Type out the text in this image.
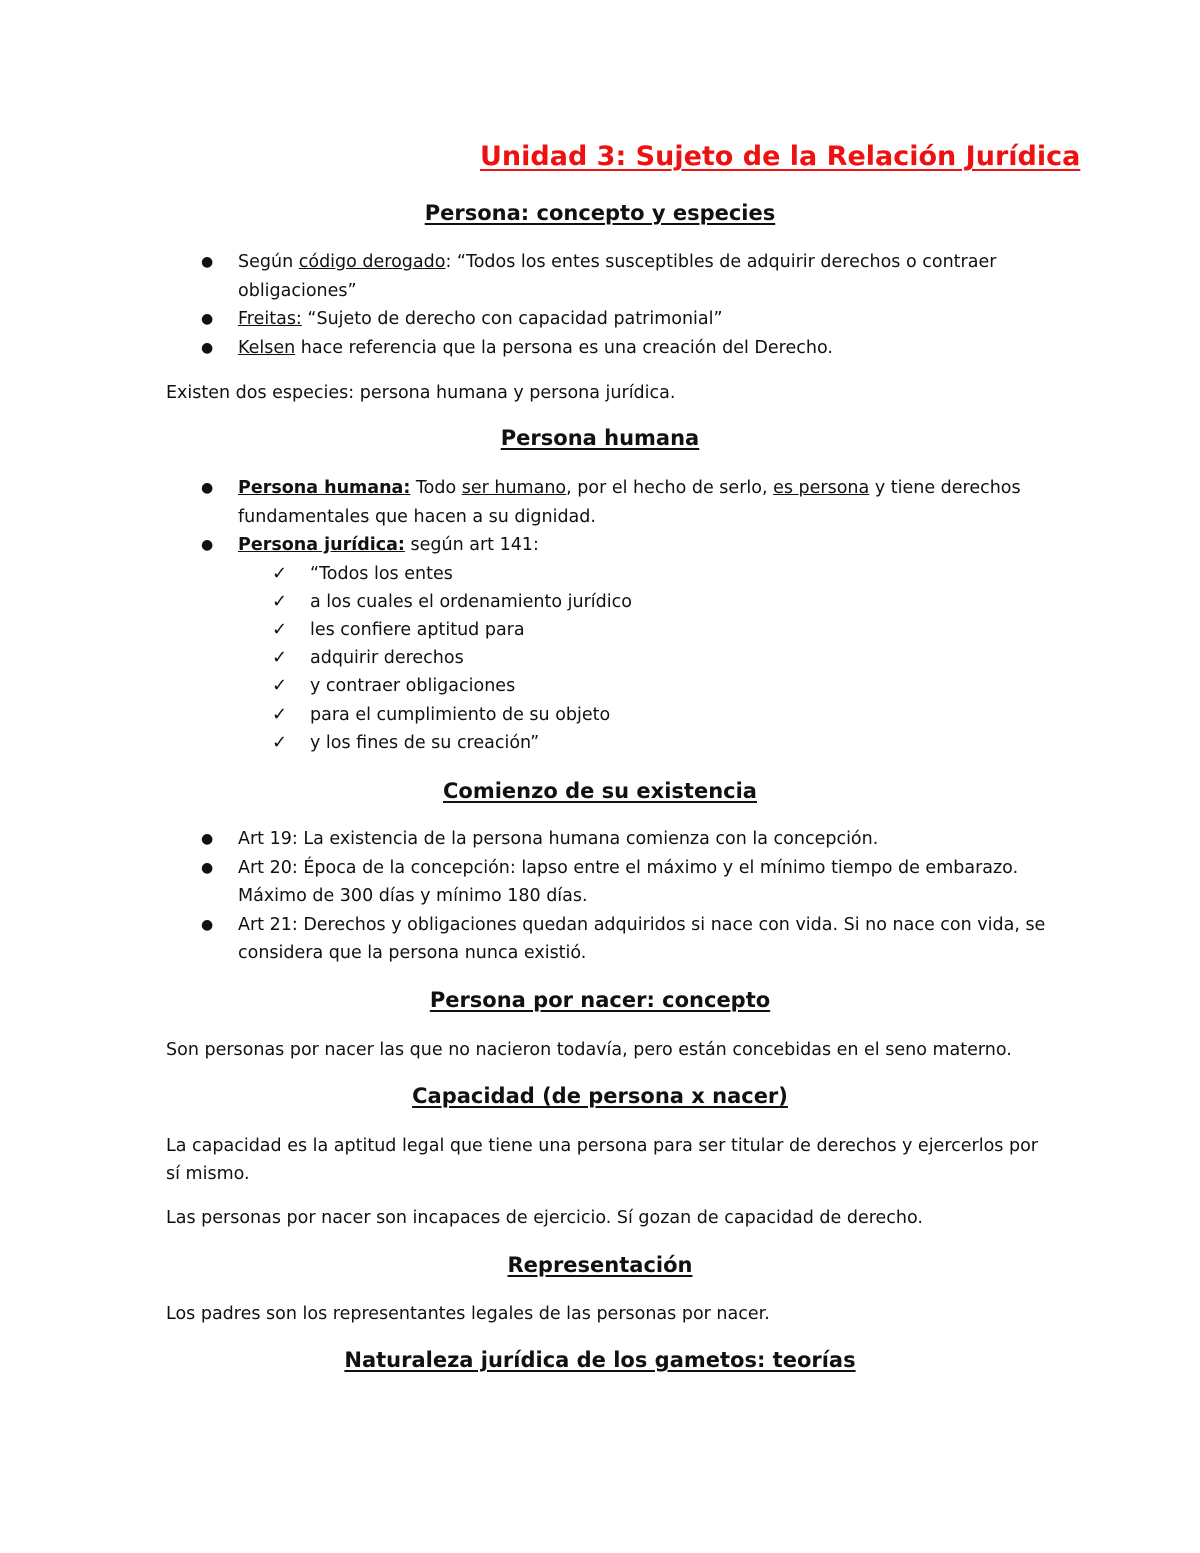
Unidad 3: Sujeto de la Relación Jurídica
Persona: concepto y especies
● Según código derogado: “Todos los entes susceptibles de adquirir derechos o contraer obligaciones”
● Freitas: “Sujeto de derecho con capacidad patrimonial”
● Kelsen hace referencia que la persona es una creación del Derecho.
Existen dos especies: persona humana y persona jurídica.
Persona humana
● Persona humana: Todo ser humano, por el hecho de serlo, es persona y tiene derechos fundamentales que hacen a su dignidad.
● Persona jurídica: según art 141:
✓ “Todos los entes
✓ a los cuales el ordenamiento jurídico
✓ les confiere aptitud para
✓ adquirir derechos
✓ y contraer obligaciones
✓ para el cumplimiento de su objeto
✓ y los fines de su creación”
Comienzo de su existencia
● Art 19: La existencia de la persona humana comienza con la concepción.
● Art 20: Época de la concepción: lapso entre el máximo y el mínimo tiempo de embarazo. Máximo de 300 días y mínimo 180 días.
● Art 21: Derechos y obligaciones quedan adquiridos si nace con vida. Si no nace con vida, se considera que la persona nunca existió.
Persona por nacer: concepto
Son personas por nacer las que no nacieron todavía, pero están concebidas en el seno materno.
Capacidad (de persona x nacer)
La capacidad es la aptitud legal que tiene una persona para ser titular de derechos y ejercerlos por sí mismo.
Las personas por nacer son incapaces de ejercicio. Sí gozan de capacidad de derecho.
Representación
Los padres son los representantes legales de las personas por nacer.
Naturaleza jurídica de los gametos: teorías
